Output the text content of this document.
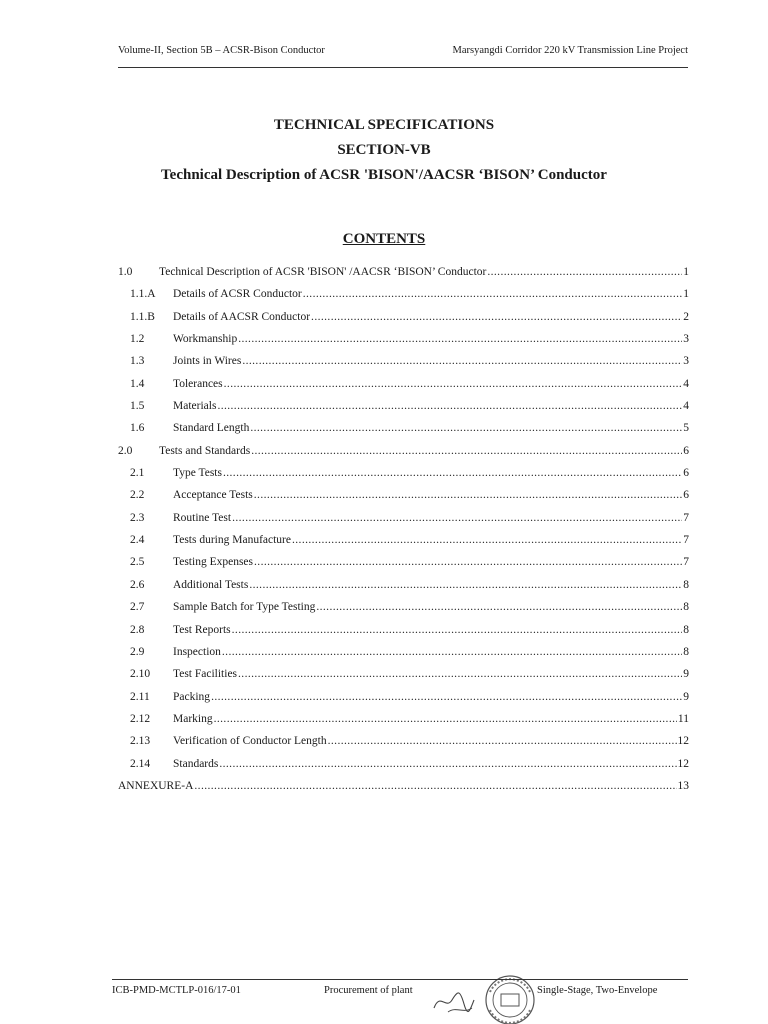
Volume-II, Section 5B – ACSR-Bison Conductor	Marsyangdi Corridor 220 kV Transmission Line Project
TECHNICAL SPECIFICATIONS
SECTION-VB
Technical Description of ACSR 'BISON'/AACSR ‘BISON’ Conductor
CONTENTS
1.0	Technical Description of ACSR 'BISON' /AACSR ‘BISON’ Conductor .....	1
1.1.A	Details of ACSR Conductor .....	1
1.1.B	Details of AACSR Conductor .....	2
1.2	Workmanship .....	3
1.3	Joints in Wires .....	3
1.4	Tolerances .....	4
1.5	Materials .....	4
1.6	Standard Length .....	5
2.0	Tests and Standards .....	6
2.1	Type Tests .....	6
2.2	Acceptance Tests .....	6
2.3	Routine Test .....	7
2.4	Tests during Manufacture .....	7
2.5	Testing Expenses .....	7
2.6	Additional Tests .....	8
2.7	Sample Batch for Type Testing .....	8
2.8	Test Reports .....	8
2.9	Inspection .....	8
2.10	Test Facilities .....	9
2.11	Packing .....	9
2.12	Marking .....	11
2.13	Verification of Conductor Length .....	12
2.14	Standards .....	12
ANNEXURE-A .....	13
ICB-PMD-MCTLP-016/17-01	Procurement of plant	Single-Stage, Two-Envelope
